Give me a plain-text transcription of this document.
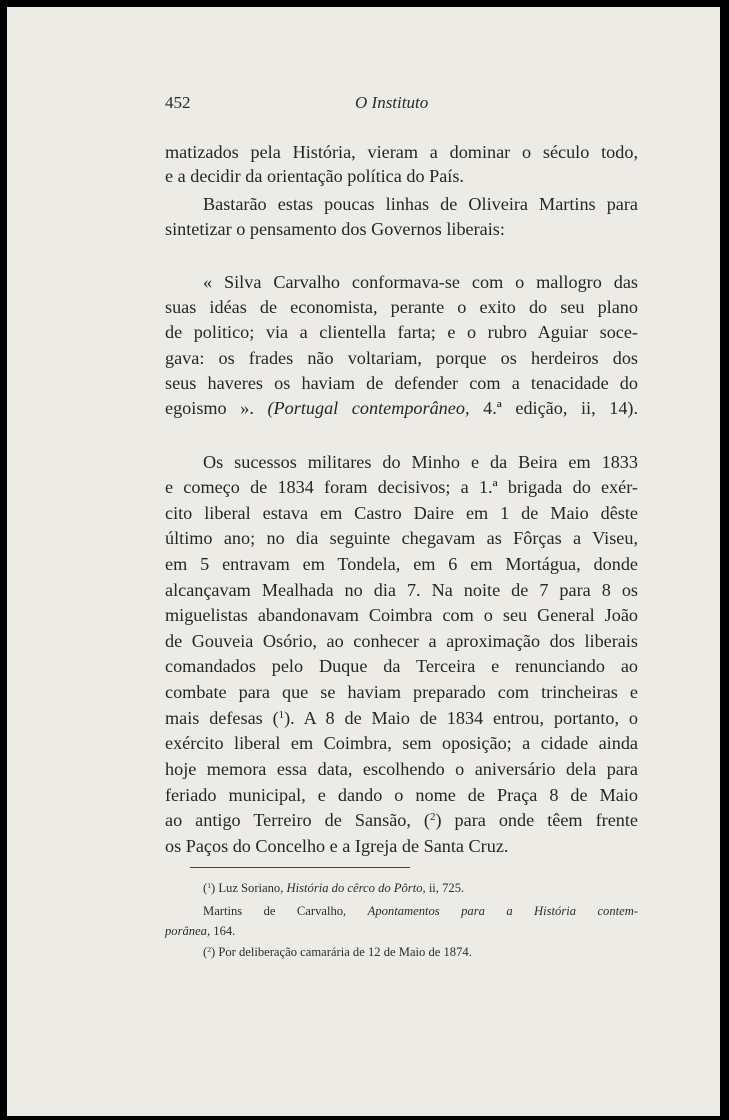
452	O Instituto

matizados pela História, vieram a dominar o século todo,

e a decidir da orientação política do País.

Bastarão estas poucas linhas de Oliveira Martins para

sintetizar o pensamento dos Governos liberais:

« Silva Carvalho conformava-se com o mallogro das

suas idéas de economista, perante o exito do seu plano

de politico; via a clientella farta; e o rubro Aguiar soce-

gava: os frades não voltariam, porque os herdeiros dos

seus haveres os haviam de defender com a tenacidade do

egoismo ». (Portugal contemporâneo, 4.ª edição, ii, 14).

Os sucessos militares do Minho e da Beira em 1833

e começo de 1834 foram decisivos; a 1.ª brigada do exér-

cito liberal estava em Castro Daire em 1 de Maio dêste

último ano; no dia seguinte chegavam as Fôrças a Viseu,

em 5 entravam em Tondela, em 6 em Mortágua, donde

alcançavam Mealhada no dia 7. Na noite de 7 para 8 os

miguelistas abandonavam Coimbra com o seu General João

de Gouveia Osório, ao conhecer a aproximação dos liberais

comandados pelo Duque da Terceira e renunciando ao

combate para que se haviam preparado com trincheiras e

mais defesas ($^1$). A 8 de Maio de 1834 entrou, portanto, o

exército liberal em Coimbra, sem oposição; a cidade ainda

hoje memora essa data, escolhendo o aniversário dela para

feriado municipal, e dando o nome de Praça 8 de Maio

ao antigo Terreiro de Sansão, ($^2$) para onde têem frente

os Paços do Concelho e a Igreja de Santa Cruz.

($^1$) Luz Soriano, História do cêrco do Pôrto, ii, 725.

Martins de Carvalho, Apontamentos para a História contem-

porânea, 164.

($^2$) Por deliberação camarária de 12 de Maio de 1874.
